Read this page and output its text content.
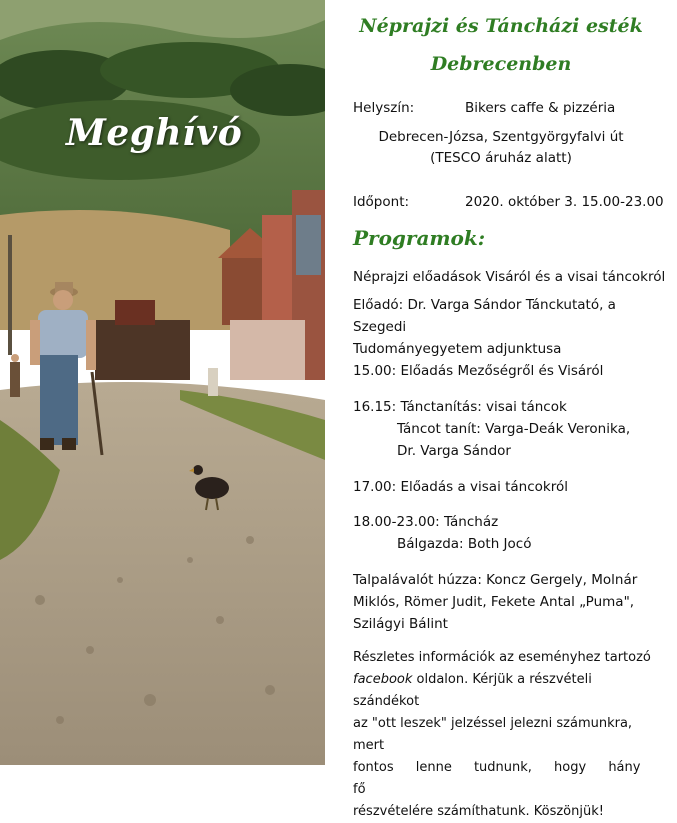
Meghívó
Néprajzi és Táncházi esték
Debrecenben
Helyszín:	Bikers caffe & pizzéria
Debrecen-Józsa, Szentgyörgyfalvi út
(TESCO áruház alatt)
Időpont:	2020. október 3. 15.00-23.00
Programok:
Néprajzi előadások Visáról és a visai táncokról
Előadó: Dr. Varga Sándor Tánckutató, a Szegedi
Tudományegyetem adjunktusa
15.00: Előadás Mezőségről és Visáról
16.15: Tánctanítás: visai táncok
Táncot tanít: Varga-Deák Veronika,
Dr. Varga Sándor
17.00: Előadás a visai táncokról
18.00-23.00: Táncház
Bálgazda: Both Jocó
Talpalávalót húzza: Koncz Gergely, Molnár
Miklós, Römer Judit, Fekete Antal „Puma",
Szilágyi Bálint
Részletes információk az eseményhez tartozó
facebook oldalon. Kérjük a részvételi szándékot
az "ott leszek" jelzéssel jelezni számunkra, mert
fontos lenne tudnunk, hogy hány fő
részvételére számíthatunk. Köszönjük!
